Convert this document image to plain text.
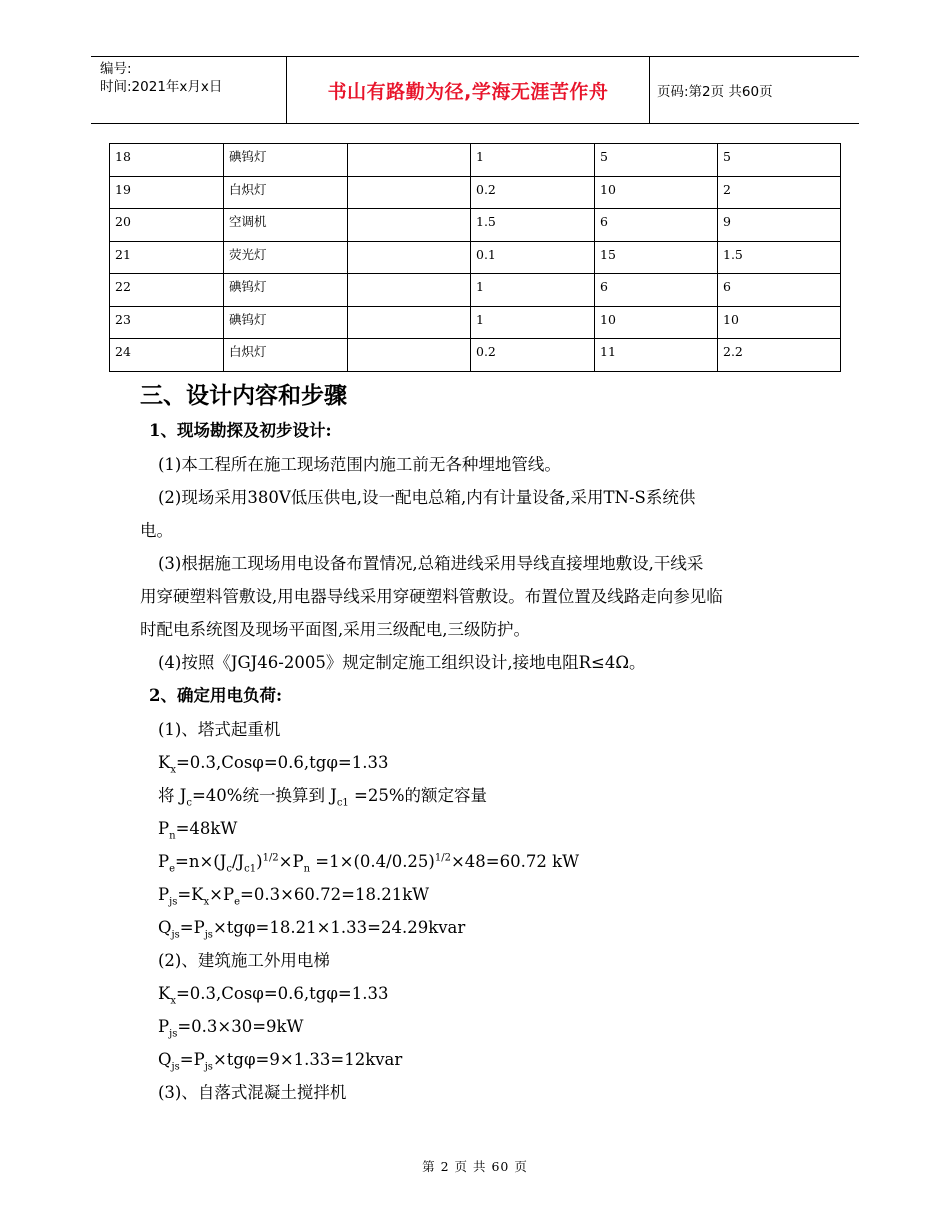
编号:
时间:2021年x月x日	书山有路勤为径,学海无涯苦作舟	页码:第2页 共60页
18	碘钨灯		1	5	5
19	白炽灯		0.2	10	2
20	空调机		1.5	6	9
21	荧光灯		0.1	15	1.5
22	碘钨灯		1	6	6
23	碘钨灯		1	10	10
24	白炽灯		0.2	11	2.2
三、设计内容和步骤
1、现场勘探及初步设计:
(1)本工程所在施工现场范围内施工前无各种埋地管线。
(2)现场采用380V低压供电,设一配电总箱,内有计量设备,采用TN-S系统供
电。
(3)根据施工现场用电设备布置情况,总箱进线采用导线直接埋地敷设,干线采
用穿硬塑料管敷设,用电器导线采用穿硬塑料管敷设。布置位置及线路走向参见临
时配电系统图及现场平面图,采用三级配电,三级防护。
(4)按照《JGJ46-2005》规定制定施工组织设计,接地电阻R≤4Ω。
2、确定用电负荷:
(1)、塔式起重机
$K_x=0.3,Cos\varphi=0.6,tg\varphi=1.33$
将 $J_c=40\%$统一换算到 $J_{c1} =25\%$的额定容量
$P_n=48kW$
$P_e=n\times(J_c/J_{c1})^{1/2}\times P_n =1\times(0.4/0.25)^{1/2}\times 48=60.72$ kW
$P_{js}=K_x\times P_e=0.3\times 60.72=18.21kW$
$Q_{js}=P_{js}\times tg\varphi=18.21\times 1.33=24.29kvar$
(2)、建筑施工外用电梯
$K_x=0.3,Cos\varphi=0.6,tg\varphi=1.33$
$P_{js}=0.3\times 30=9kW$
$Q_{js}=P_{js}\times tg\varphi=9\times 1.33=12kvar$
(3)、自落式混凝土搅拌机
第 2 页 共 60 页
